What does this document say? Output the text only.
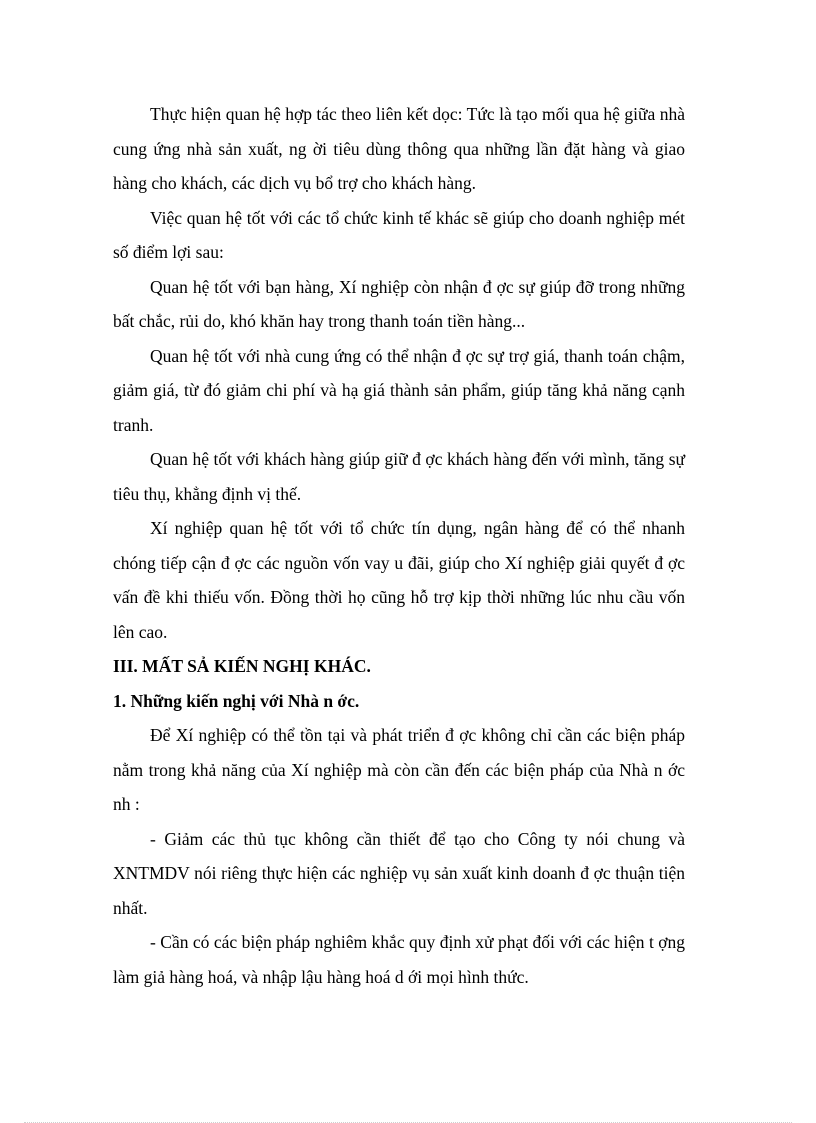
Thực hiện quan hệ hợp tác theo liên kết dọc: Tức là tạo mối qua hệ giữa nhà cung ứng nhà sản xuất, ng ời tiêu dùng thông qua những lần đặt hàng và giao hàng cho khách, các dịch vụ bổ trợ cho khách hàng.

Việc quan hệ tốt với các tổ chức kinh tế khác sẽ giúp cho doanh nghiệp mét số điểm lợi sau:

Quan hệ tốt với bạn hàng, Xí nghiệp còn nhận đ ợc sự giúp đỡ trong những bất chắc, rủi do, khó khăn hay trong thanh toán tiền hàng...

Quan hệ tốt với nhà cung ứng có thể nhận đ ợc sự trợ giá, thanh toán chậm, giảm giá, từ đó giảm chi phí và hạ giá thành sản phẩm, giúp tăng khả năng cạnh tranh.

Quan hệ tốt với khách hàng giúp giữ đ ợc khách hàng đến với mình, tăng sự tiêu thụ, khẳng định vị thế.

Xí nghiệp quan hệ tốt với tổ chức tín dụng, ngân hàng để có thể nhanh chóng tiếp cận đ ợc các nguồn vốn vay u đãi, giúp cho Xí nghiệp giải quyết đ ợc vấn đề khi thiếu vốn. Đồng thời họ cũng hỗ trợ kịp thời những lúc nhu cầu vốn lên cao.

III. MẤT SẢ KIẾN NGHỊ KHÁC.

1. Những kiến nghị với Nhà n ớc.

Để Xí nghiệp có thể tồn tại và phát triển đ ợc không chỉ cần các biện pháp nằm trong khả năng của Xí nghiệp mà còn cần đến các biện pháp của Nhà n ớc nh :

- Giảm các thủ tục không cần thiết để tạo cho Công ty nói chung và XNTMDV nói riêng thực hiện các nghiệp vụ sản xuất kinh doanh đ ợc thuận tiện nhất.

- Cần có các biện pháp nghiêm khắc quy định xử phạt đối với các hiện t ợng làm giả hàng hoá, và nhập lậu hàng hoá d ới mọi hình thức.
